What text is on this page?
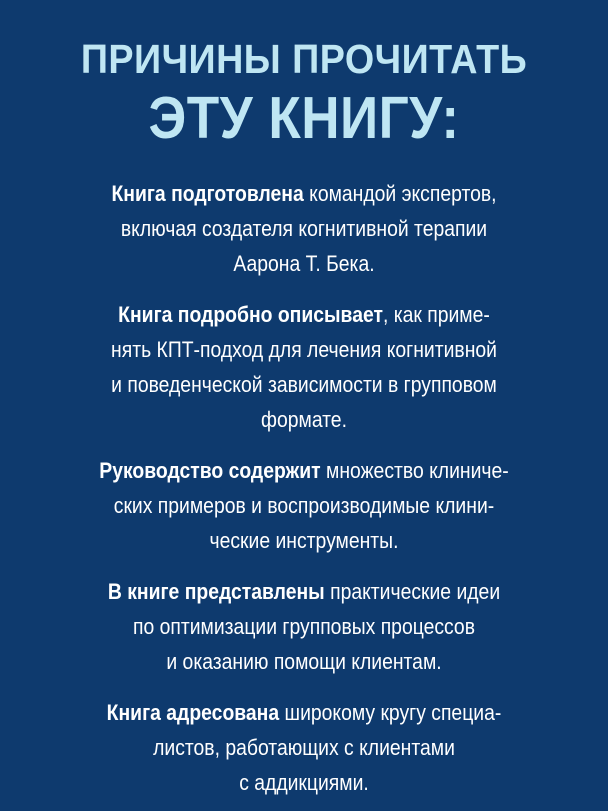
ПРИЧИНЫ ПРОЧИТАТЬ
ЭТУ КНИГУ:
Книга подготовлена командой экспертов,
включая создателя когнитивной терапии
Аарона Т. Бека.
Книга подробно описывает, как приме-
нять КПТ-подход для лечения когнитивной
и поведенческой зависимости в групповом
формате.
Руководство содержит множество клиниче-
ских примеров и воспроизводимые клини-
ческие инструменты.
В книге представлены практические идеи
по оптимизации групповых процессов
и оказанию помощи клиентам.
Книга адресована широкому кругу специа-
листов, работающих с клиентами
с аддикциями.
